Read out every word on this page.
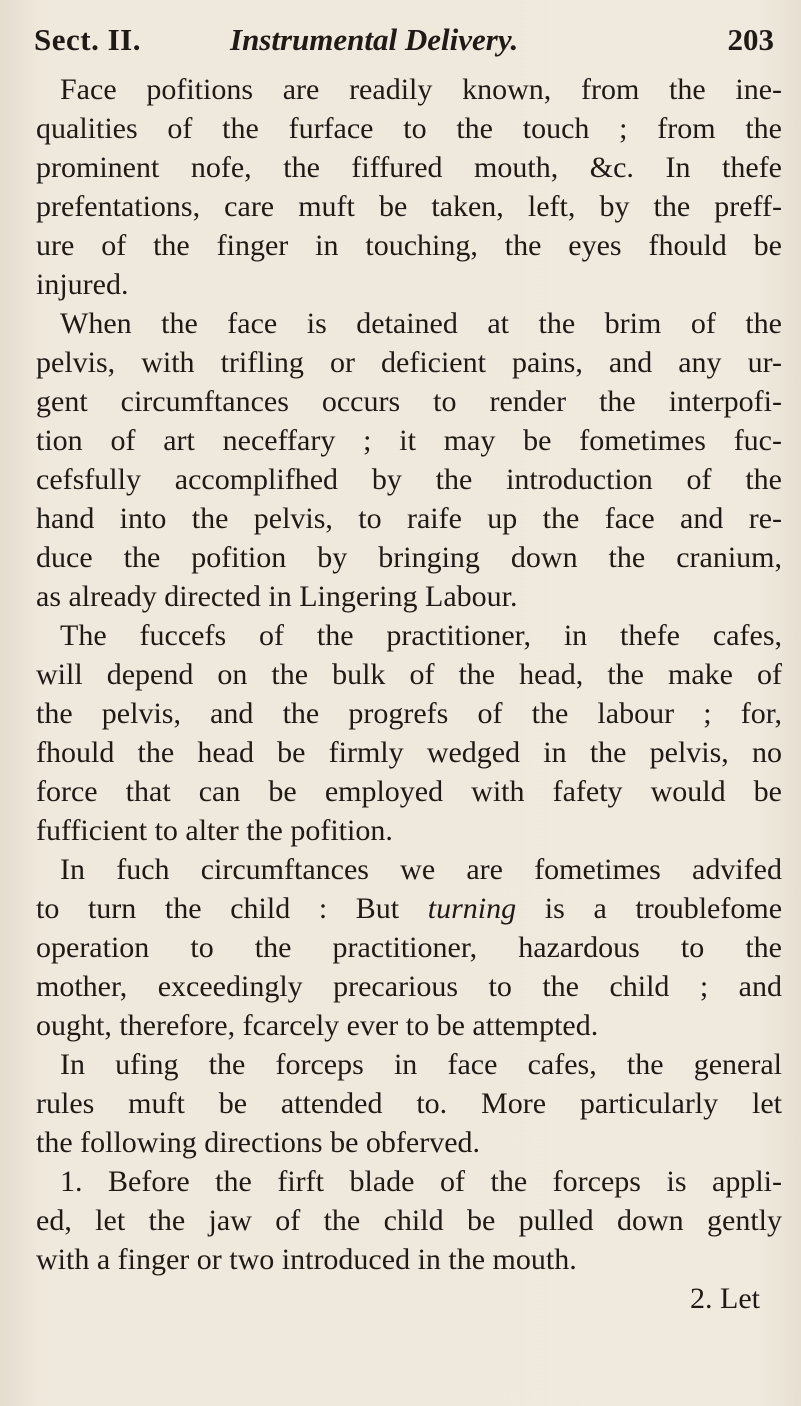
Sect. II.	Instrumental Delivery.	203
Face pofitions are readily known, from the ine-
qualities of the furface to the touch ; from the
prominent nofe, the fiffured mouth, &c. In thefe
prefentations, care muft be taken, left, by the preff-
ure of the finger in touching, the eyes fhould be
injured.
When the face is detained at the brim of the
pelvis, with trifling or deficient pains, and any ur-
gent circumftances occurs to render the interpofi-
tion of art neceffary ; it may be fometimes fuc-
cefsfully accomplifhed by the introduction of the
hand into the pelvis, to raife up the face and re-
duce the pofition by bringing down the cranium,
as already directed in Lingering Labour.
The fuccefs of the practitioner, in thefe cafes,
will depend on the bulk of the head, the make of
the pelvis, and the progrefs of the labour ; for,
fhould the head be firmly wedged in the pelvis, no
force that can be employed with fafety would be
fufficient to alter the pofition.
In fuch circumftances we are fometimes advifed
to turn the child : But turning is a troublefome
operation to the practitioner, hazardous to the
mother, exceedingly precarious to the child ; and
ought, therefore, fcarcely ever to be attempted.
In ufing the forceps in face cafes, the general
rules muft be attended to. More particularly let
the following directions be obferved.
1. Before the firft blade of the forceps is appli-
ed, let the jaw of the child be pulled down gently
with a finger or two introduced in the mouth.
2. Let
